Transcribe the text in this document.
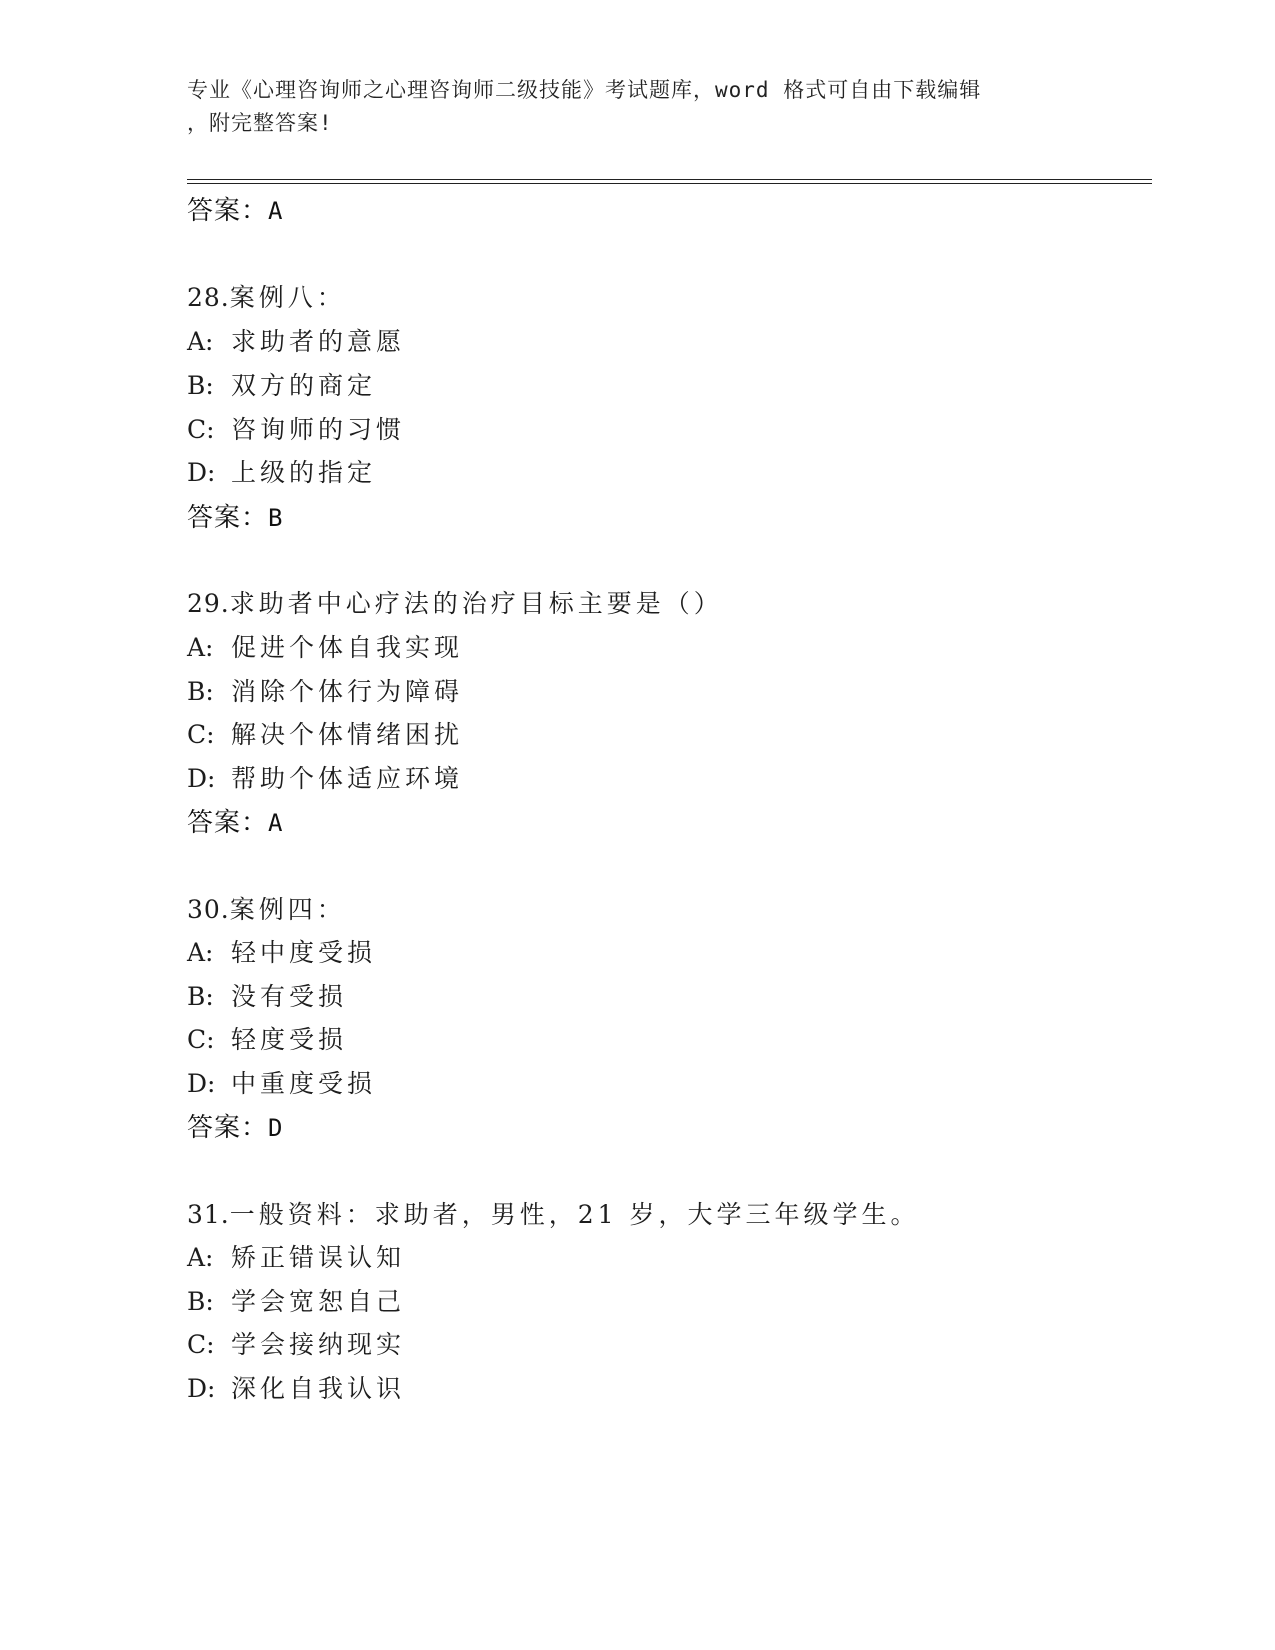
专业《心理咨询师之心理咨询师二级技能》考试题库，word 格式可自由下载编辑
，附完整答案!
答案：A
28.案例八：
A: 求助者的意愿
B: 双方的商定
C: 咨询师的习惯
D: 上级的指定
答案：B
29.求助者中心疗法的治疗目标主要是（）
A: 促进个体自我实现
B: 消除个体行为障碍
C: 解决个体情绪困扰
D: 帮助个体适应环境
答案：A
30.案例四：
A: 轻中度受损
B: 没有受损
C: 轻度受损
D: 中重度受损
答案：D
31.一般资料：求助者，男性，21 岁，大学三年级学生。
A: 矫正错误认知
B: 学会宽恕自己
C: 学会接纳现实
D: 深化自我认识
